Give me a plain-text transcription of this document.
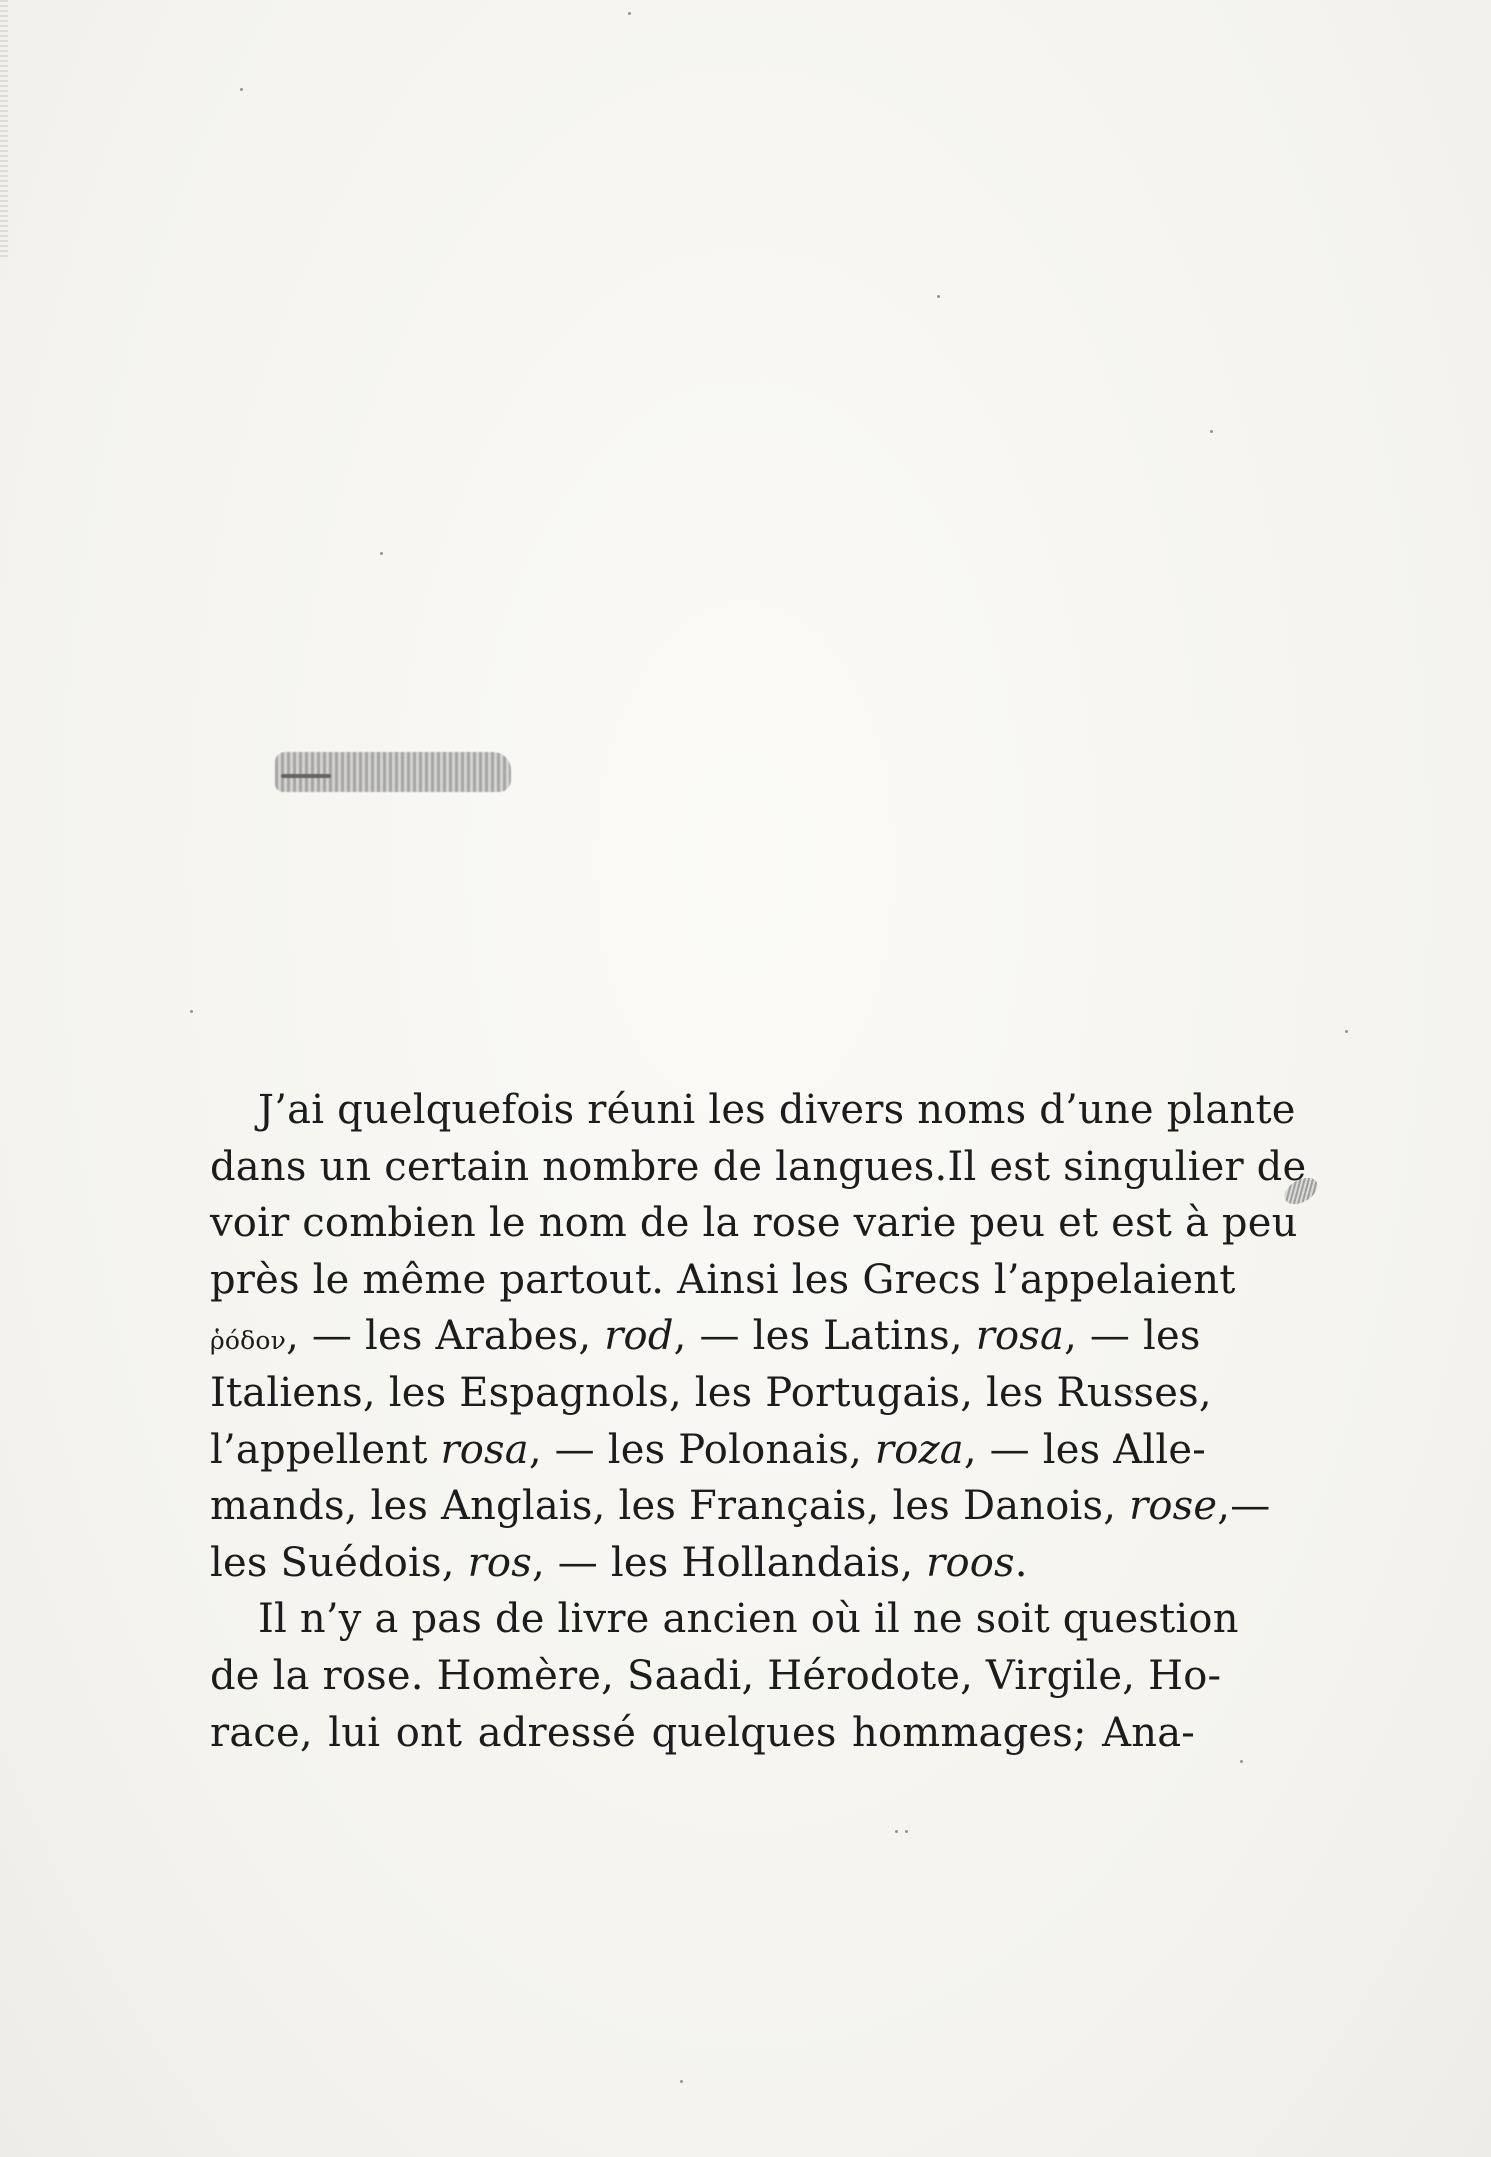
J’ai quelquefois réuni les divers noms d’une plante
dans un certain nombre de langues.Il est singulier de
voir combien le nom de la rose varie peu et est à peu
près le même partout. Ainsi les Grecs l’appelaient
ῥόδον, — les Arabes, rod, — les Latins, rosa, — les
Italiens, les Espagnols, les Portugais, les Russes,
l’appellent rosa, — les Polonais, roza, — les Alle-
mands, les Anglais, les Français, les Danois, rose,—
les Suédois, ros, — les Hollandais, roos.
Il n’y a pas de livre ancien où il ne soit question
de la rose. Homère, Saadi, Hérodote, Virgile, Ho-
race, lui ont adressé quelques hommages; Ana-
